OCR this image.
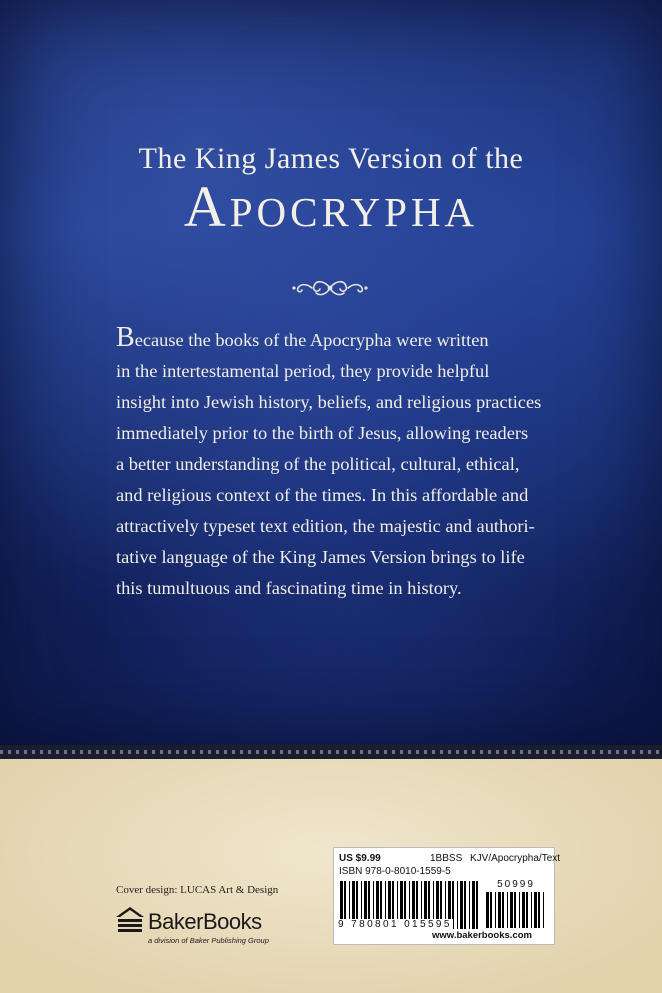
The King James Version of the
Apocrypha

Because the books of the Apocrypha were written
in the intertestamental period, they provide helpful
insight into Jewish history, beliefs, and religious practices
immediately prior to the birth of Jesus, allowing readers
a better understanding of the political, cultural, ethical,
and religious context of the times. In this affordable and
attractively typeset text edition, the majestic and authori-
tative language of the King James Version brings to life
this tumultuous and fascinating time in history.

Cover design: LUCAS Art & Design
BakerBooks
a division of Baker Publishing Group
US $9.99	1BBSS KJV/Apocrypha/Text
ISBN 978-0-8010-1559-5
9 780801 015595
50999
www.bakerbooks.com
